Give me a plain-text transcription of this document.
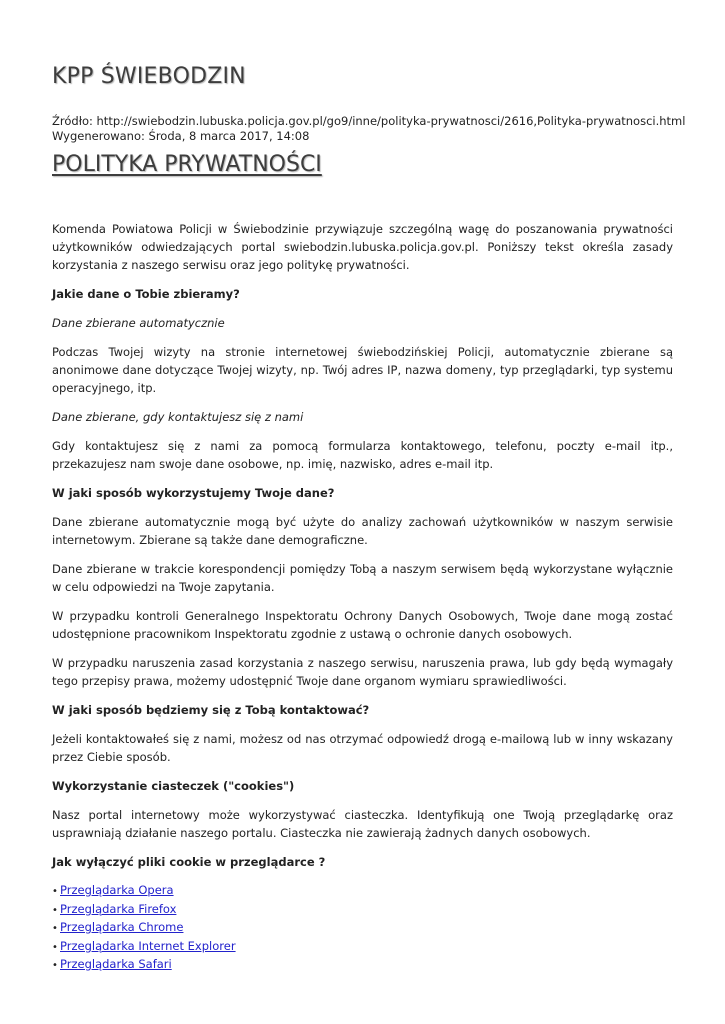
KPP ŚWIEBODZIN
Źródło: http://swiebodzin.lubuska.policja.gov.pl/go9/inne/polityka-prywatnosci/2616,Polityka-prywatnosci.html
Wygenerowano: Środa, 8 marca 2017, 14:08
POLITYKA PRYWATNOŚCI

Komenda Powiatowa Policji w Świebodzinie przywiązuje szczególną wagę do poszanowania prywatności użytkowników odwiedzających portal swiebodzin.lubuska.policja.gov.pl. Poniższy tekst określa zasady korzystania z naszego serwisu oraz jego politykę prywatności.

Jakie dane o Tobie zbieramy?

Dane zbierane automatycznie

Podczas Twojej wizyty na stronie internetowej świebodzińskiej Policji, automatycznie zbierane są anonimowe dane dotyczące Twojej wizyty, np. Twój adres IP, nazwa domeny, typ przeglądarki, typ systemu operacyjnego, itp.

Dane zbierane, gdy kontaktujesz się z nami

Gdy kontaktujesz się z nami za pomocą formularza kontaktowego, telefonu, poczty e-mail itp., przekazujesz nam swoje dane osobowe, np. imię, nazwisko, adres e-mail itp.

W jaki sposób wykorzystujemy Twoje dane?

Dane zbierane automatycznie mogą być użyte do analizy zachowań użytkowników w naszym serwisie internetowym. Zbierane są także dane demograficzne.

Dane zbierane w trakcie korespondencji pomiędzy Tobą a naszym serwisem będą wykorzystane wyłącznie w celu odpowiedzi na Twoje zapytania.

W przypadku kontroli Generalnego Inspektoratu Ochrony Danych Osobowych, Twoje dane mogą zostać udostępnione pracownikom Inspektoratu zgodnie z ustawą o ochronie danych osobowych.

W przypadku naruszenia zasad korzystania z naszego serwisu, naruszenia prawa, lub gdy będą wymagały tego przepisy prawa, możemy udostępnić Twoje dane organom wymiaru sprawiedliwości.

W jaki sposób będziemy się z Tobą kontaktować?

Jeżeli kontaktowałeś się z nami, możesz od nas otrzymać odpowiedź drogą e-mailową lub w inny wskazany przez Ciebie sposób.

Wykorzystanie ciasteczek ("cookies")

Nasz portal internetowy może wykorzystywać ciasteczka. Identyfikują one Twoją przeglądarkę oraz usprawniają działanie naszego portalu. Ciasteczka nie zawierają żadnych danych osobowych.

Jak wyłączyć pliki cookie w przeglądarce ?

• Przeglądarka Opera
• Przeglądarka Firefox
• Przeglądarka Chrome
• Przeglądarka Internet Explorer
• Przeglądarka Safari
